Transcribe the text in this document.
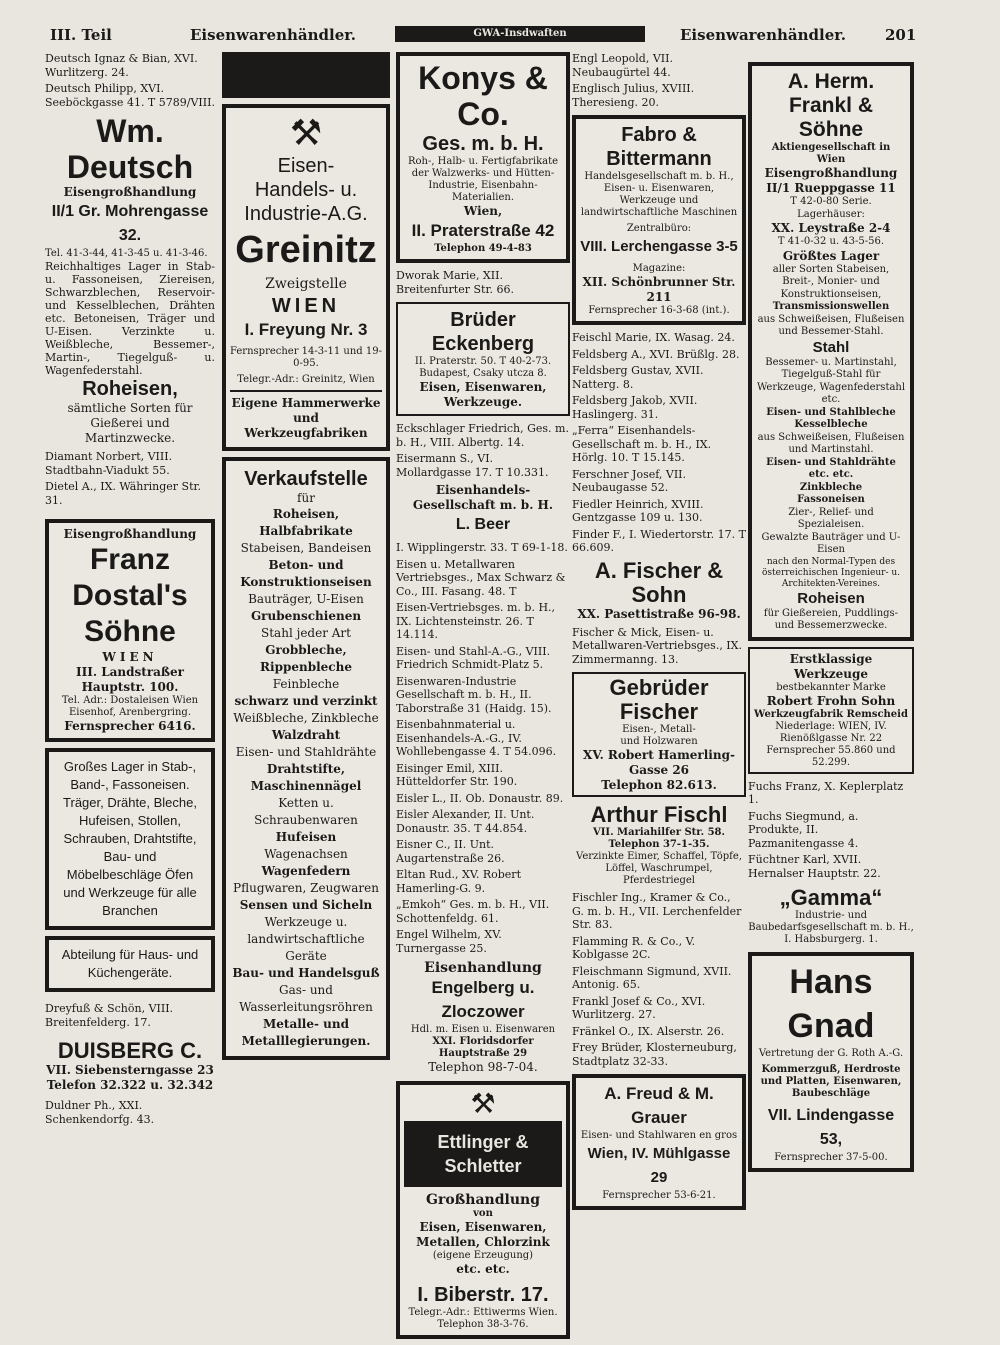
III. Teil	Eisenwarenhändler.	GWA-Insdwaften	Eisenwarenhändler.	201
Deutsch Ignaz & Bian, XVI. Wurlitzerg. 24.
Deutsch Philipp, XVI. Seeböckgasse 41. T 5789/VIII.
Wm. Deutsch
Eisengroßhandlung
II/1 Gr. Mohrengasse 32.
Tel. 41-3-44, 41-3-45 u. 41-3-46.
Reichhaltiges Lager in Stab- u. Fassoneisen, Ziereisen, Schwarzblechen, Reservoir- und Kesselblechen, Drähten etc. Betoneisen, Träger und U-Eisen. Verzinkte u. Weißbleche, Bessemer-, Martin-, Tiegelguß- u. Wagenfederstahl.
Roheisen,
sämtliche Sorten für Gießerei und Martinzwecke.
Diamant Norbert, VIII. Stadtbahn-Viadukt 55.
Dietel A., IX. Währinger Str. 31.
Eisengroßhandlung
Franz Dostal's Söhne
WIEN
III. Landstraßer Hauptstr. 100.
Tel. Adr.: Dostaleisen Wien
Eisenhof, Arenbergring.
Fernsprecher 6416.
Großes Lager in Stab-, Band-, Fassoneisen. Träger, Drähte, Bleche, Hufeisen, Stollen, Schrauben, Drahtstifte, Bau- und Möbelbeschläge Öfen und Werkzeuge für alle Branchen
Abteilung für Haus- und Küchengeräte.
Dreyfuß & Schön, VIII. Breitenfelderg. 17.
DUISBERG C.
VII. Siebensterngasse 23
Telefon 32.322 u. 32.342
Duldner Ph., XXI. Schenkendorfg. 43.
⚒
Eisen-
Handels- u.
Industrie-A.G.
Greinitz
Zweigstelle
WIEN
I. Freyung Nr. 3
Fernsprecher 14-3-11 und 19-0-95.
Telegr.-Adr.: Greinitz, Wien
Eigene Hammerwerke und Werkzeugfabriken
Verkaufstelle
für
Roheisen, Halbfabrikate
Stabeisen, Bandeisen
Beton- und Konstruktionseisen
Bauträger, U-Eisen
Grubenschienen
Stahl jeder Art
Grobbleche, Rippenbleche
Feinbleche
schwarz und verzinkt
Weißbleche, Zinkbleche
Walzdraht
Eisen- und Stahldrähte
Drahtstifte, Maschinennägel
Ketten u. Schraubenwaren
Hufeisen
Wagenachsen
Wagenfedern
Pflugwaren, Zeugwaren
Sensen und Sicheln
Werkzeuge u. landwirtschaftliche Geräte
Bau- und Handelsguß
Gas- und Wasserleitungsröhren
Metalle- und Metalllegierungen.
Konys & Co.
Ges. m. b. H.
Roh-, Halb- u. Fertigfabrikate der Walzwerks- und Hütten-Industrie, Eisenbahn-Materialien.
Wien,
II. Praterstraße 42
Telephon 49-4-83
Dworak Marie, XII. Breitenfurter Str. 66.
Brüder Eckenberg
II. Praterstr. 50. T 40-2-73.
Budapest, Csaky utcza 8.
Eisen, Eisenwaren, Werkzeuge.
Eckschlager Friedrich, Ges. m. b. H., VIII. Albertg. 14.
Eisermann S., VI. Mollardgasse 17. T 10.331.
Eisenhandels-Gesellschaft m. b. H.
L. Beer
I. Wipplingerstr. 33. T 69-1-18.
Eisen u. Metallwaren Vertriebsges., Max Schwarz & Co., III. Fasang. 48. T
Eisen-Vertriebsges. m. b. H., IX. Lichtensteinstr. 26. T 14.114.
Eisen- und Stahl-A.-G., VIII. Friedrich Schmidt-Platz 5.
Eisenwaren-Industrie Gesellschaft m. b. H., II. Taborstraße 31 (Haidg. 15).
Eisenbahnmaterial u. Eisenhandels-A.-G., IV. Wohllebengasse 4. T 54.096.
Eisinger Emil, XIII. Hütteldorfer Str. 190.
Eisler L., II. Ob. Donaustr. 89.
Eisler Alexander, II. Unt. Donaustr. 35. T 44.854.
Eisner C., II. Unt. Augartenstraße 26.
Eltan Rud., XV. Robert Hamerling-G. 9.
„Emkoh“ Ges. m. b. H., VII. Schottenfeldg. 61.
Engel Wilhelm, XV. Turnergasse 25.
Eisenhandlung
Engelberg u. Zloczower
Hdl. m. Eisen u. Eisenwaren
XXI. Floridsdorfer Hauptstraße 29
Telephon 98-7-04.
⚒
Ettlinger & Schletter
Großhandlung
von
Eisen, Eisenwaren, Metallen, Chlorzink
(eigene Erzeugung)
etc. etc.
I. Biberstr. 17.
Telegr.-Adr.: Ettiwerms Wien. Telephon 38-3-76.
Engl Leopold, VII. Neubaugürtel 44.
Englisch Julius, XVIII. Theresieng. 20.
Fabro & Bittermann
Handelsgesellschaft m. b. H., Eisen- u. Eisenwaren, Werkzeuge und landwirtschaftliche Maschinen
Zentralbüro:
VIII. Lerchengasse 3-5
Magazine:
XII. Schönbrunner Str. 211
Fernsprecher 16-3-68 (int.).
Feischl Marie, IX. Wasag. 24.
Feldsberg A., XVI. Brüßlg. 28.
Feldsberg Gustav, XVII. Natterg. 8.
Feldsberg Jakob, XVII. Haslingerg. 31.
„Ferra“ Eisenhandels-Gesellschaft m. b. H., IX. Hörlg. 10. T 15.145.
Ferschner Josef, VII. Neubaugasse 52.
Fiedler Heinrich, XVIII. Gentzgasse 109 u. 130.
Finder F., I. Wiedertorstr. 17. T 66.609.
A. Fischer & Sohn
XX. Pasettistraße 96-98.
Fischer & Mick, Eisen- u. Metallwaren-Vertriebsges., IX. Zimmermanng. 13.
Gebrüder Fischer
Eisen-, Metall-
und Holzwaren
XV. Robert Hamerling-Gasse 26
Telephon 82.613.
Arthur Fischl
VII. Mariahilfer Str. 58. Telephon 37-1-35.
Verzinkte Eimer, Schaffel, Töpfe, Löffel, Waschrumpel, Pferdestriegel
Fischler Ing., Kramer & Co., G. m. b. H., VII. Lerchenfelder Str. 83.
Flamming R. & Co., V. Koblgasse 2C.
Fleischmann Sigmund, XVII. Antonig. 65.
Frankl Josef & Co., XVI. Wurlitzerg. 27.
Fränkel O., IX. Alserstr. 26.
Frey Brüder, Klosterneuburg, Stadtplatz 32-33.
A. Freud & M. Grauer
Eisen- und Stahlwaren en gros
Wien, IV. Mühlgasse 29
Fernsprecher 53-6-21.
A. Herm. Frankl & Söhne
Aktiengesellschaft in Wien
Eisengroßhandlung
II/1 Rueppgasse 11
T 42-0-80 Serie.
Lagerhäuser:
XX. Leystraße 2-4
T 41-0-32 u. 43-5-56.
Größtes Lager
aller Sorten Stabeisen, Breit-, Monier- und Konstruktionseisen,
Transmissionswellen
aus Schweißeisen, Flußeisen und Bessemer-Stahl.
Stahl
Bessemer- u. Martinstahl, Tiegelguß-Stahl für Werkzeuge, Wagenfederstahl etc.
Eisen- und Stahlbleche
Kesselbleche
aus Schweißeisen, Flußeisen und Martinstahl.
Eisen- und Stahldrähte etc. etc.
Zinkbleche
Fassoneisen
Zier-, Relief- und Spezialeisen.
Gewalzte Bauträger und U-Eisen
nach den Normal-Typen des österreichischen Ingenieur- u. Architekten-Vereines.
Roheisen
für Gießereien, Puddlings- und Bessemerzwecke.
Erstklassige Werkzeuge
bestbekannter Marke
Robert Frohn Sohn
Werkzeugfabrik Remscheid
Niederlage: WIEN, IV. Rienößlgasse Nr. 22
Fernsprecher 55.860 und 52.299.
Fuchs Franz, X. Keplerplatz 1.
Fuchs Siegmund, a. Produkte, II. Pazmanitengasse 4.
Füchtner Karl, XVII. Hernalser Hauptstr. 22.
„Gamma“
Industrie- und Baubedarfsgesellschaft m. b. H., I. Habsburgerg. 1.
Hans Gnad
Vertretung der G. Roth A.-G.
Kommerzguß, Herdroste und Platten, Eisenwaren, Baubeschläge
VII. Lindengasse 53,
Fernsprecher 37-5-00.
